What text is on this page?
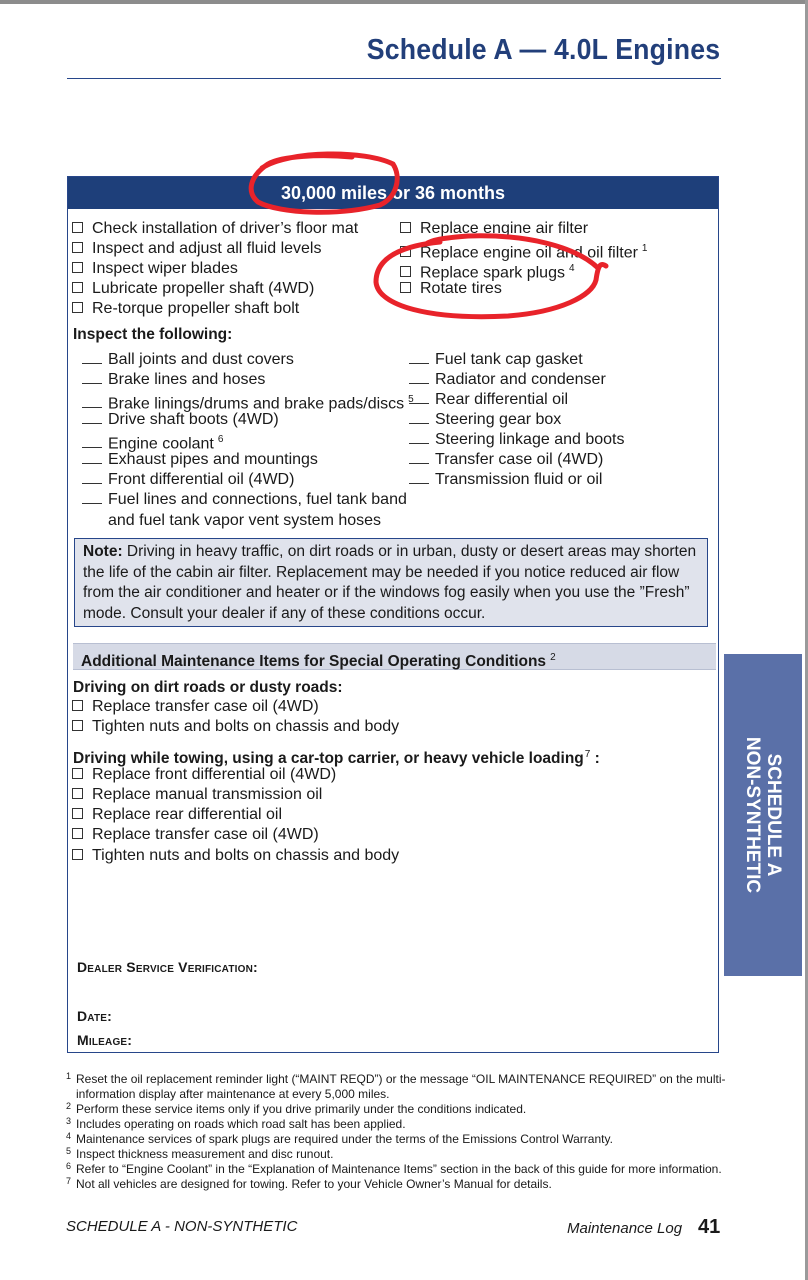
Schedule A — 4.0L Engines
30,000 miles or 36 months
Check installation of driver’s floor mat
Inspect and adjust all fluid levels
Inspect wiper blades
Lubricate propeller shaft (4WD)
Re-torque propeller shaft bolt
Replace engine air filter
Replace engine oil and oil filter $^1$
Replace spark plugs $^4$
Rotate tires
Inspect the following:
Ball joints and dust covers
Brake lines and hoses
Brake linings/drums and brake pads/discs $^5$
Drive shaft boots (4WD)
Engine coolant $^6$
Exhaust pipes and mountings
Front differential oil (4WD)
Fuel lines and connections, fuel tank band
and fuel tank vapor vent system hoses
Fuel tank cap gasket
Radiator and condenser
Rear differential oil
Steering gear box
Steering linkage and boots
Transfer case oil (4WD)
Transmission fluid or oil
Note: Driving in heavy traffic, on dirt roads or in urban, dusty or desert areas may shorten the life of the cabin air filter. Replacement may be needed if you notice reduced air flow from the air conditioner and heater or if the windows fog easily when you use the ”Fresh” mode. Consult your dealer if any of these conditions occur.
Additional Maintenance Items for Special Operating Conditions $^2$
Driving on dirt roads or dusty roads:
Replace transfer case oil (4WD)
Tighten nuts and bolts on chassis and body
Driving while towing, using a car-top carrier, or heavy vehicle loading$^7$ :
Replace front differential oil (4WD)
Replace manual transmission oil
Replace rear differential oil
Replace transfer case oil (4WD)
Tighten nuts and bolts on chassis and body
Dealer Service Verification:
Date:
Mileage:
SCHEDULE A
NON-SYNTHETIC
1 Reset the oil replacement reminder light (“MAINT REQD”) or the message “OIL MAINTENANCE REQUIRED” on the multi-information display after maintenance at every 5,000 miles.
2 Perform these service items only if you drive primarily under the conditions indicated.
3 Includes operating on roads which road salt has been applied.
4 Maintenance services of spark plugs are required under the terms of the Emissions Control Warranty.
5 Inspect thickness measurement and disc runout.
6 Refer to “Engine Coolant” in the “Explanation of Maintenance Items” section in the back of this guide for more information.
7 Not all vehicles are designed for towing. Refer to your Vehicle Owner’s Manual for details.
SCHEDULE A - NON-SYNTHETIC	Maintenance Log 41
